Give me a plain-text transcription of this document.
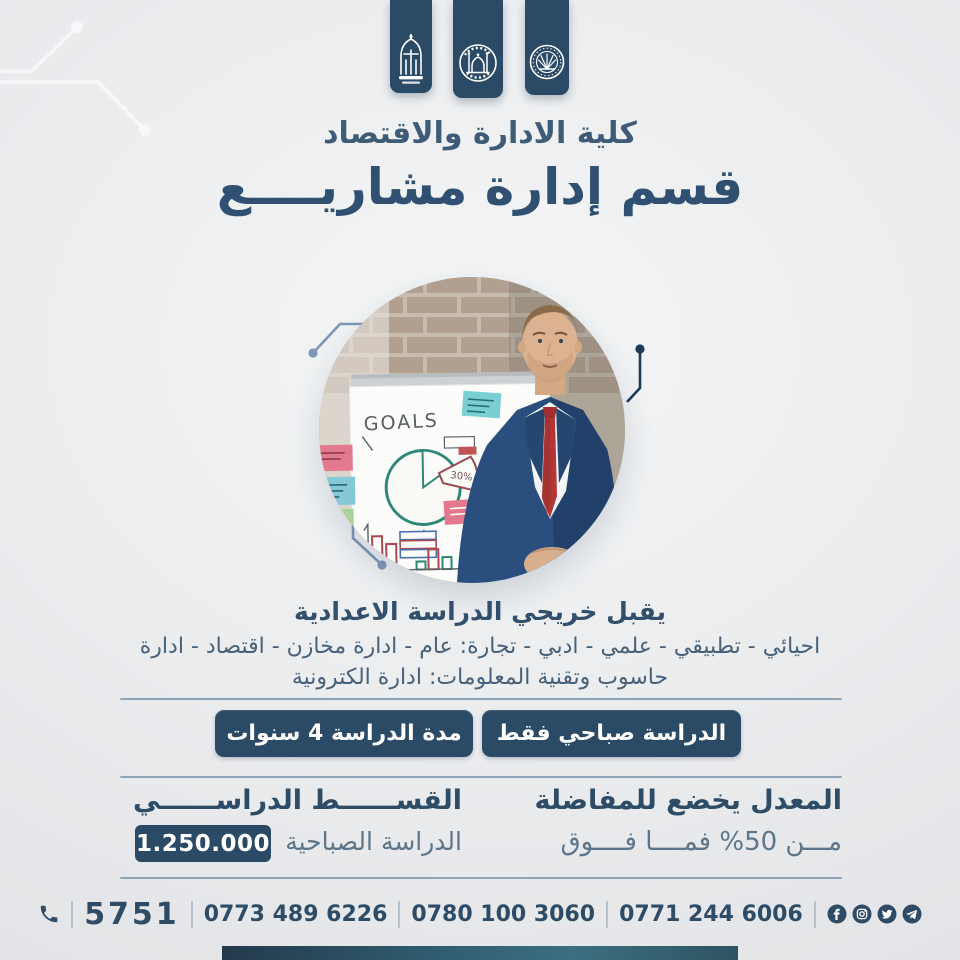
كلية الادارة والاقتصاد
قسم إدارة مشاريــــع
GOALS
30%
يقبل خريجي الدراسة الاعدادية
احيائي - تطبيقي - علمي - ادبي - تجارة: عام - ادارة مخازن - اقتصاد - ادارة
حاسوب وتقنية المعلومات: ادارة الكترونية
الدراسة صباحي فقط
مدة الدراسة 4 سنوات
المعدل يخضع للمفاضلة
مـــن 50% فمــــا فــــوق
القســــــط الدراســــــي
الدراسة الصباحية
1.250.000
5751 0773 489 6226 0780 100 3060 0771 244 6006
